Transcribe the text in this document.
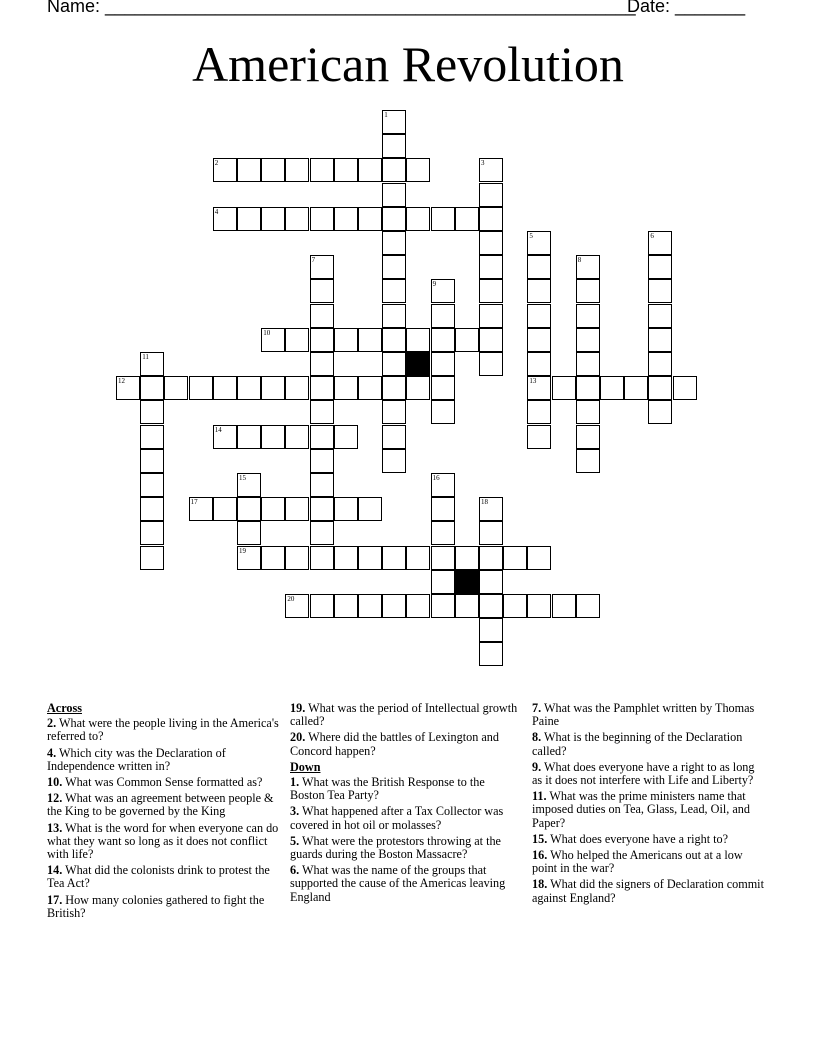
Name: _____________________________________________________
Date: _______
American Revolution
2
4
10
12	13
14
17
19
20
1
3
5	6
7	8
9
11
15	16
18
Across
2. What were the people living in the America's referred to?
4. Which city was the Declaration of Independence written in?
10. What was Common Sense formatted as?
12. What was an agreement between people & the King to be governed by the King
13. What is the word for when everyone can do what they want so long as it does not conflict with life?
14. What did the colonists drink to protest the Tea Act?
17. How many colonies gathered to fight the British?
19. What was the period of Intellectual growth called?
20. Where did the battles of Lexington and Concord happen?
Down
1. What was the British Response to the Boston Tea Party?
3. What happened after a Tax Collector was covered in hot oil or molasses?
5. What were the protestors throwing at the guards during the Boston Massacre?
6. What was the name of the groups that supported the cause of the Americas leaving England
7. What was the Pamphlet written by Thomas Paine
8. What is the beginning of the Declaration called?
9. What does everyone have a right to as long as it does not interfere with Life and Liberty?
11. What was the prime ministers name that imposed duties on Tea, Glass, Lead, Oil, and Paper?
15. What does everyone have a right to?
16. Who helped the Americans out at a low point in the war?
18. What did the signers of Declaration commit against England?
